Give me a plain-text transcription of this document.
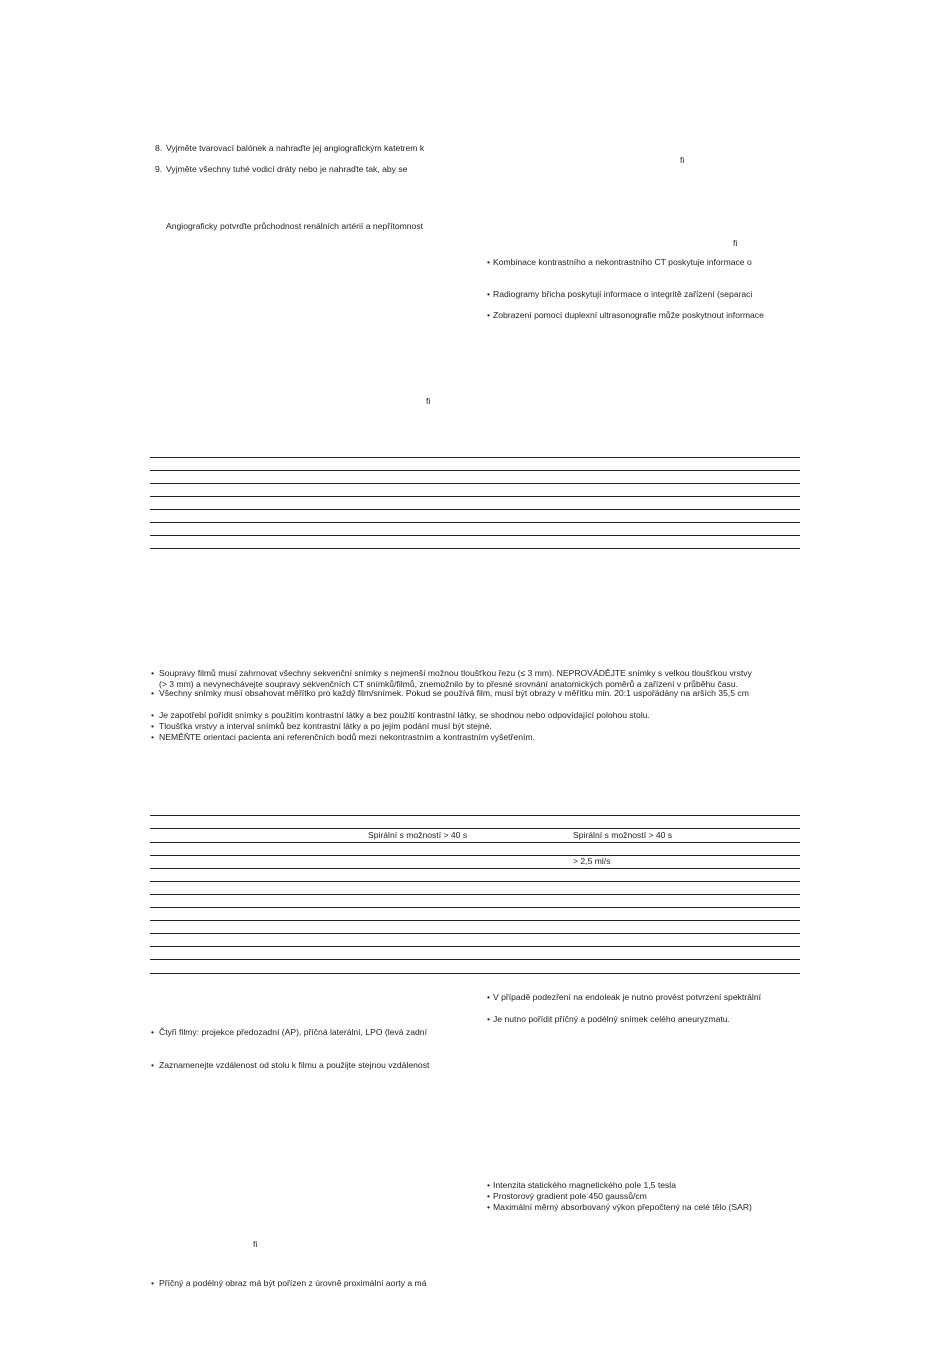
8. Vyjměte tvarovací balónek a nahraďte jej angiografickým katetrem k
9. Vyjměte všechny tuhé vodicí dráty nebo je nahraďte tak, aby se
ﬁ
Angiograficky potvrďte průchodnost renálních artérií a nepřítomnost
ﬁ
• Kombinace kontrastního a nekontrastního CT poskytuje informace o
• Radiogramy břicha poskytují informace o integritě zařízení (separaci
• Zobrazení pomocí duplexní ultrasonografie může poskytnout informace
ﬁ
• Soupravy filmů musí zahrnovat všechny sekvenční snímky s nejmenší možnou tloušťkou řezu (≤ 3 mm). NEPROVÁDĚJTE snímky s velkou tloušťkou vrstvy
(> 3 mm) a nevynechávejte soupravy sekvenčních CT snímků/filmů, znemožnilo by to přesné srovnání anatomických poměrů a zařízení v průběhu času.
• Všechny snímky musí obsahovat měřítko pro každý film/snímek. Pokud se používá film, musí být obrazy v měřítku min. 20:1 uspořádány na arších 35,5 cm
• Je zapotřebí pořídit snímky s použitím kontrastní látky a bez použití kontrastní látky, se shodnou nebo odpovídající polohou stolu.
• Tloušťka vrstvy a interval snímků bez kontrastní látky a po jejím podání musí být stejné.
• NEMĚŇTE orientaci pacienta ani referenčních bodů mezi nekontrastním a kontrastním vyšetřením.
Spirální s možností > 40 s	Spirální s možností > 40 s
> 2,5 ml/s
• V případě podezření na endoleak je nutno provést potvrzení spektrální
• Je nutno pořídit příčný a podélný snímek celého aneuryzmatu.
• Čtyři filmy: projekce předozadní (AP), příčná laterální, LPO (levá zadní
• Zaznamenejte vzdálenost od stolu k filmu a použijte stejnou vzdálenost
• Intenzita statického magnetického pole 1,5 tesla
• Prostorový gradient pole 450 gaussů/cm
• Maximální měrný absorbovaný výkon přepočtený na celé tělo (SAR)
ﬁ
• Příčný a podélný obraz má být pořízen z úrovně proximální aorty a má
